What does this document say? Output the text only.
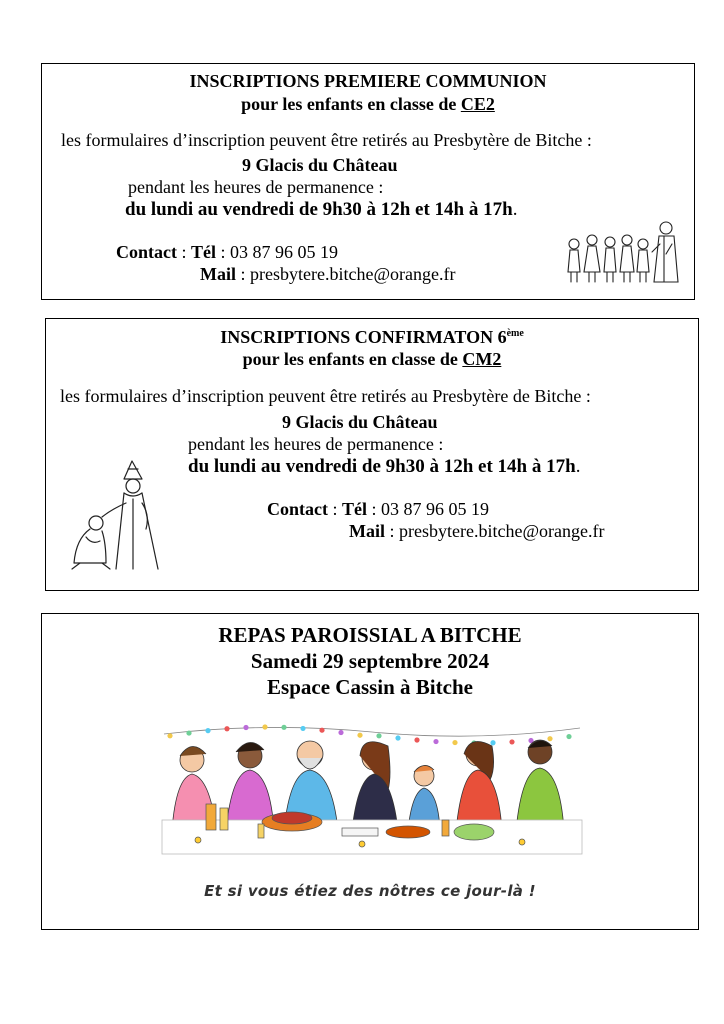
INSCRIPTIONS PREMIERE COMMUNION
pour les enfants en classe de CE2
les formulaires d’inscription peuvent être retirés au Presbytère de Bitche :
9 Glacis du Château
pendant les heures de permanence :
du lundi au vendredi de 9h30 à 12h et 14h à 17h.
Contact : Tél : 03 87 96 05 19
Mail : presbytere.bitche@orange.fr
INSCRIPTIONS CONFIRMATON 6ème
pour les enfants en classe de CM2
les formulaires d’inscription peuvent être retirés au Presbytère de Bitche :
9 Glacis du Château
pendant les heures de permanence :
du lundi au vendredi de 9h30 à 12h et 14h à 17h.
Contact : Tél : 03 87 96 05 19
Mail : presbytere.bitche@orange.fr
REPAS PAROISSIAL A BITCHE
Samedi 29 septembre 2024
Espace Cassin à Bitche
Et si vous étiez des nôtres ce jour-là !
